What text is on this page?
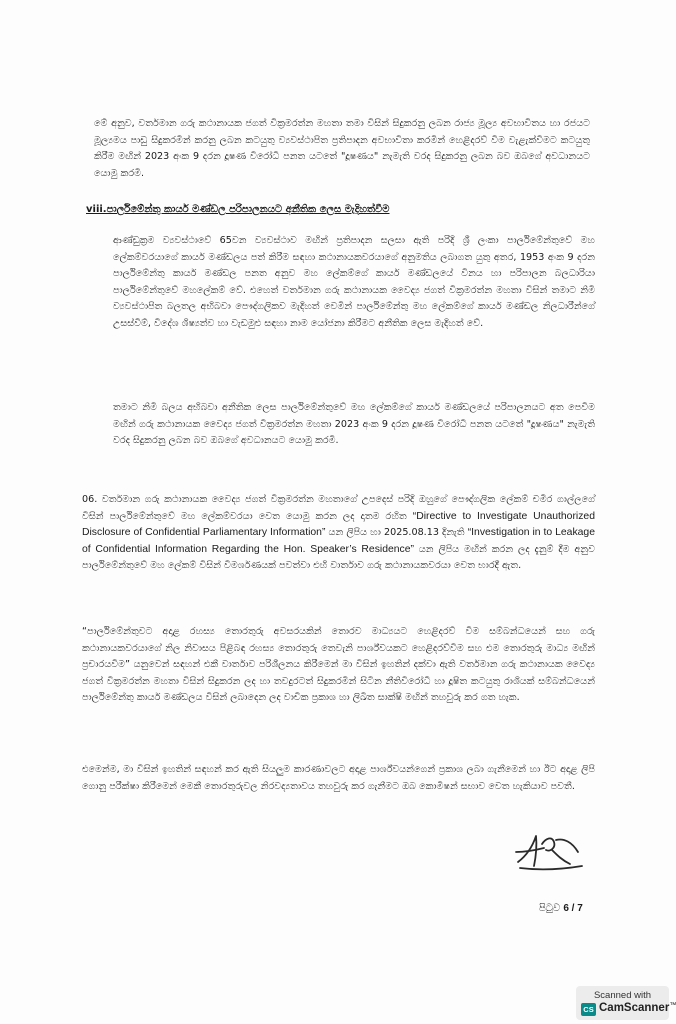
මේ අනුව, වර්තමාන ගරු කථානායක ජගත් වික්‍රමරත්න මහතා තමා විසින් සිදුකරනු ලබන රාජ්‍ය මූල්‍ය අවභාවිතය හා රජයට මූල්‍යමය පාඩු සිදුකරමින් කරනු ලබන කටයුතු ව්‍යවස්ථාපිත ප්‍රතිපාදන අවභාවිතා කරමින් හෙළිදරව් වීම වැළැක්වීමට කටයුතු කිරීම මඟින් 2023 අංක 9 දරන දූෂණ විරෝධී පනත යටතේ "දූෂණය" නැමැති වරද සිදුකරනු ලබන බව ඔබගේ අවධානයට යොමු කරමි.

viii.පාර්ලිමේන්තු කාර්ය මණ්ඩල පරිපාලනයට අනීතික ලෙස මැදිහත්වීම

ආණ්ඩුක්‍රම ව්‍යවස්ථාවේ 65වන ව්‍යවස්ථාව මඟින් ප්‍රතිපාදන සලසා ඇති පරිදි ශ්‍රී ලංකා පාර්ලිමේන්තුවේ මහ ලේකම්වරයාගේ කාර්ය මණ්ඩලය පත් කිරීම සඳහා කථානායකවරයාගේ අනුමතිය ලබාගත යුතු අතර, 1953 අංක 9 දරන පාර්ලිමේන්තු කාර්ය මණ්ඩල පනත අනුව මහ ලේකම්ගේ කාර්ය මණ්ඩලයේ විනය හා පරිපාලන බලධාරියා පාර්ලිමේන්තුවේ මහලේකම් වේ. එහෙත් වර්තමාන ගරු කථානායක වෛද්‍ය ජගත් වික්‍රමරත්න මහතා විසින් තමාට නිමි ව්‍යවස්ථාපිත බලතල අභිබවා පෞද්ගලිකව මැදිහත් වෙමින් පාර්ලිමේන්තු මහ ලේකම්ගේ කාර්ය මණ්ඩල නිලධාරීන්ගේ උසස්වීම්, විදේශ ශිෂ්‍යත්ව හා වැඩමුළු සඳහා නාම යෝජනා කිරීමට අනීතික ලෙස මැදිහත් වේ.

තමාට නිමි බලය අභිබවා අනීතික ලෙස පාර්ලිමේන්තුවේ මහ ලේකම්ගේ කාර්ය මණ්ඩලයේ පරිපාලනයට අත පෙවීම මඟින් ගරු කථානායක වෛද්‍ය ජගත් වික්‍රමරත්න මහතා 2023 අංක 9 දරන දූෂණ විරෝධී පනත යටතේ "දූෂණය" නැමැති වරද සිදුකරනු ලබන බව ඔබගේ අවධානයට යොමු කරමි.

06. වර්තමාන ගරු කථානායක වෛද්‍ය ජගත් වික්‍රමරත්න මහතාගේ උපදෙස් පරිදි ඔහුගේ පෞද්ගලික ලේකම් චමීර ගාල්ලගේ විසින් පාර්ලිමේන්තුවේ මහ ලේකම්වරයා වෙත යොමු කරන ලද දාතම රහිත “Directive to Investigate Unauthorized Disclosure of Confidential Parliamentary Information” යන ලිපිය හා 2025.08.13 දිනැති “Investigation in to Leakage of Confidential Information Regarding the Hon. Speaker’s Residence” යන ලිපිය මඟින් කරන ලද දැනුම් දීම අනුව පාර්ලිමේන්තුවේ මහ ලේකම් විසින් විමර්ශණයක් පවත්වා එහි වාර්තාව ගරු කථානායකවරයා වෙත භාරදී ඇත.

“පාර්ලිමේන්තුවට අදාළ රහස්‍ය තොරතුරු අවසරයකින් තොරව මාධ්‍යයට හෙළිදරව් වීම සම්බන්ධයෙන් සහ ගරු කථානායකවරයාගේ නිල නිවාසය පිළිබඳ රහස්‍ය තොරතුරු තෙවැනි පාර්ශ්වයකට හෙළිදරව්වීම සහ එම තොරතුරු මාධ්‍ය මඟින් ප්‍රචාරයවීම” යනුවෙන් සඳහන් එකී වාර්තාව පරිශීලනය කිරීමෙන් මා විසින් ඉහතින් දක්වා ඇති වර්තමාන ගරු කථානායක වෛද්‍ය ජගත් වික්‍රමරත්න මහතා විසින් සිදුකරන ලද හා තවදුරටත් සිදුකරමින් සිටින නීතිවිරෝධී හා දූෂිත කටයුතු රාශියක් සම්බන්ධයෙන් පාර්ලිමේන්තු කාර්ය මණ්ඩලය විසින් ලබාදෙන ලද වාචික ප්‍රකාශ හා ලිඛිත සාක්ෂි මඟින් තහවුරු කර ගත හැක.

එමෙන්ම, මා විසින් ඉහතින් සඳහන් කර ඇති සියලුම කාරණාවලට අදාළ පාර්ශ්වයන්ගෙන් ප්‍රකාශ ලබා ගැනීමෙන් හා ඊට අදාළ ලිපි ගොනු පරීක්ෂා කිරීමෙන් මෙකී තොරතුරුවල නිරවද්‍යතාවය තහවුරු කර ගැනීමට ඔබ කොමිෂන් සභාව වෙත හැකියාව පවතී.

පිටුව 6 / 7

Scanned with
CS CamScanner™
